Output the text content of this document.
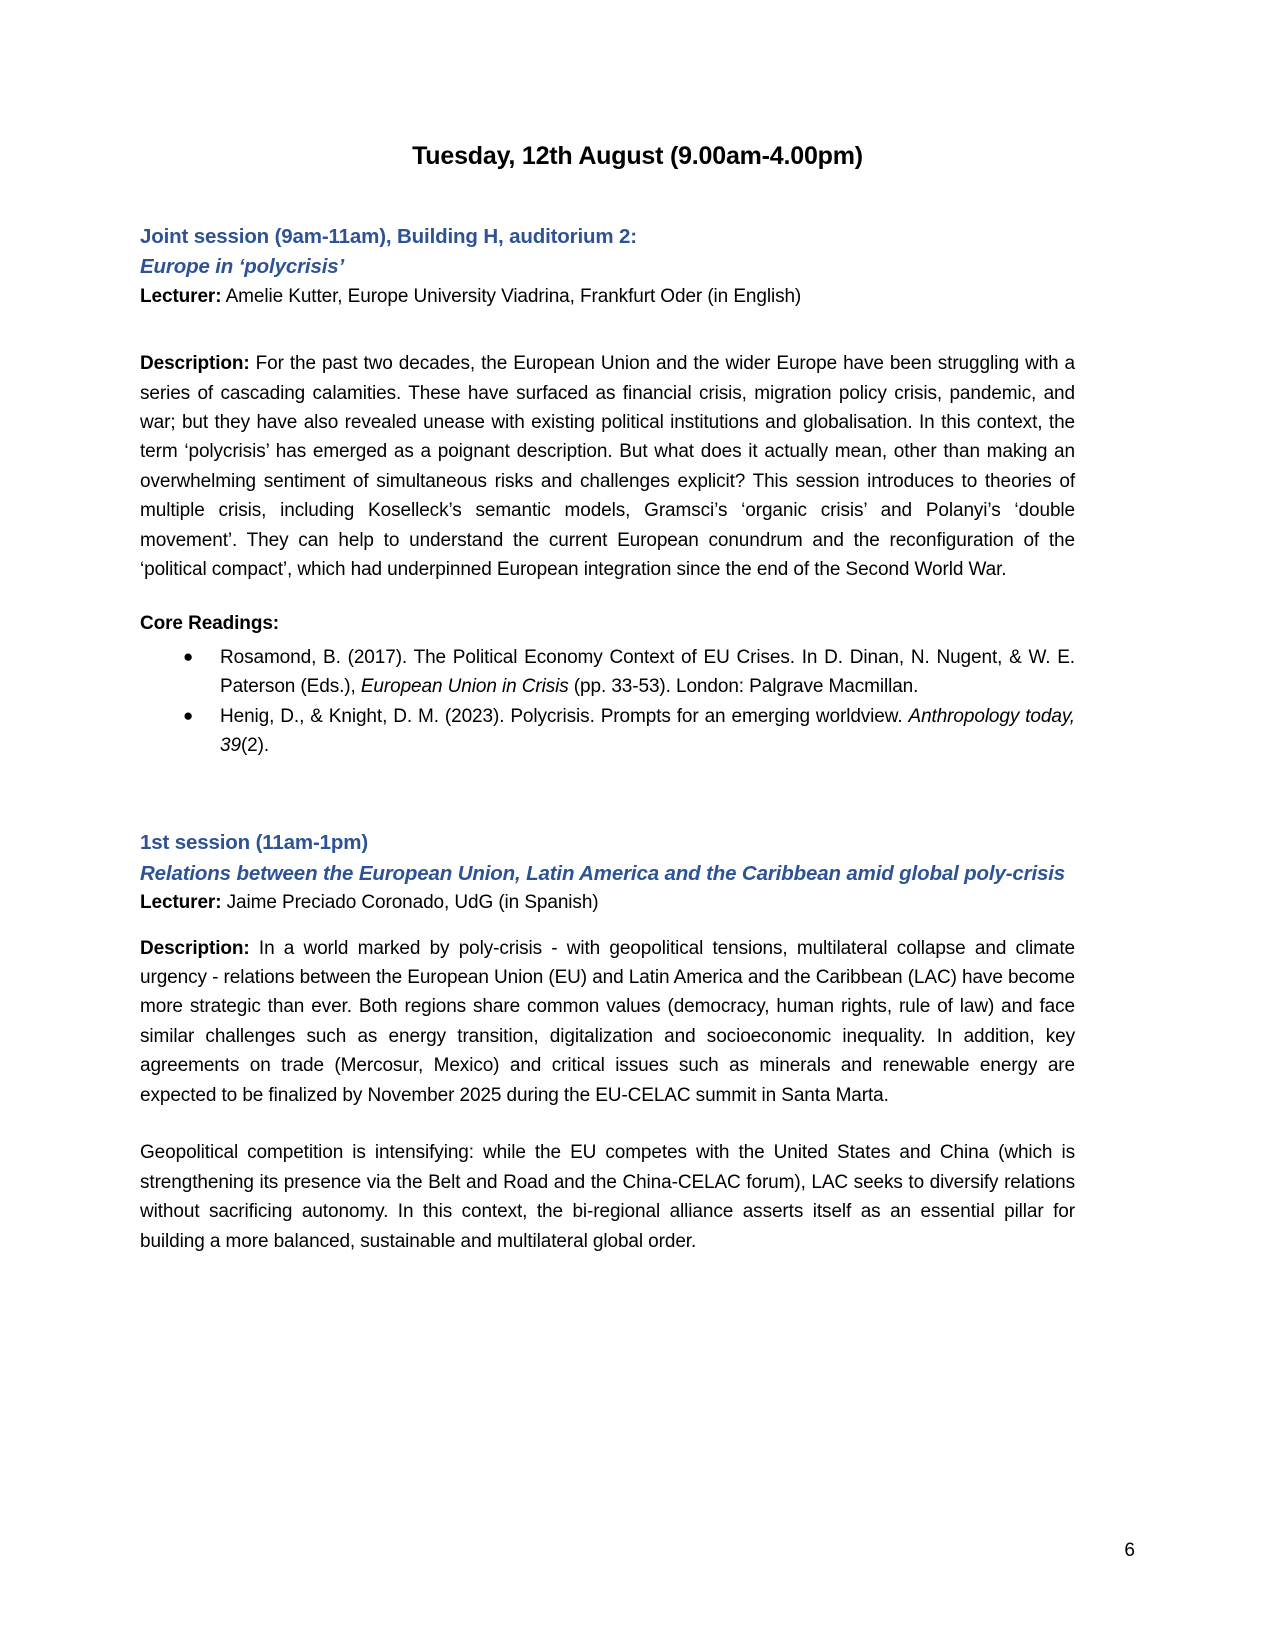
Tuesday, 12th August (9.00am-4.00pm)

Joint session (9am-11am), Building H, auditorium 2:

Europe in ‘polycrisis’

Lecturer: Amelie Kutter, Europe University Viadrina, Frankfurt Oder (in English)

Description: For the past two decades, the European Union and the wider Europe have been struggling with a series of cascading calamities. These have surfaced as financial crisis, migration policy crisis, pandemic, and war; but they have also revealed unease with existing political institutions and globalisation. In this context, the term ‘polycrisis’ has emerged as a poignant description. But what does it actually mean, other than making an overwhelming sentiment of simultaneous risks and challenges explicit? This session introduces to theories of multiple crisis, including Koselleck’s semantic models, Gramsci’s ‘organic crisis’ and Polanyi’s ‘double movement’. They can help to understand the current European conundrum and the reconfiguration of the ‘political compact’, which had underpinned European integration since the end of the Second World War.

Core Readings:

● Rosamond, B. (2017). The Political Economy Context of EU Crises. In D. Dinan, N. Nugent, & W. E. Paterson (Eds.), European Union in Crisis (pp. 33-53). London: Palgrave Macmillan.
● Henig, D., & Knight, D. M. (2023). Polycrisis. Prompts for an emerging worldview. Anthropology today, 39(2).

1st session (11am-1pm)

Relations between the European Union, Latin America and the Caribbean amid global poly-crisis

Lecturer: Jaime Preciado Coronado, UdG (in Spanish)

Description: In a world marked by poly-crisis - with geopolitical tensions, multilateral collapse and climate urgency - relations between the European Union (EU) and Latin America and the Caribbean (LAC) have become more strategic than ever. Both regions share common values (democracy, human rights, rule of law) and face similar challenges such as energy transition, digitalization and socioeconomic inequality. In addition, key agreements on trade (Mercosur, Mexico) and critical issues such as minerals and renewable energy are expected to be finalized by November 2025 during the EU-CELAC summit in Santa Marta.

Geopolitical competition is intensifying: while the EU competes with the United States and China (which is strengthening its presence via the Belt and Road and the China-CELAC forum), LAC seeks to diversify relations without sacrificing autonomy. In this context, the bi-regional alliance asserts itself as an essential pillar for building a more balanced, sustainable and multilateral global order.

6
